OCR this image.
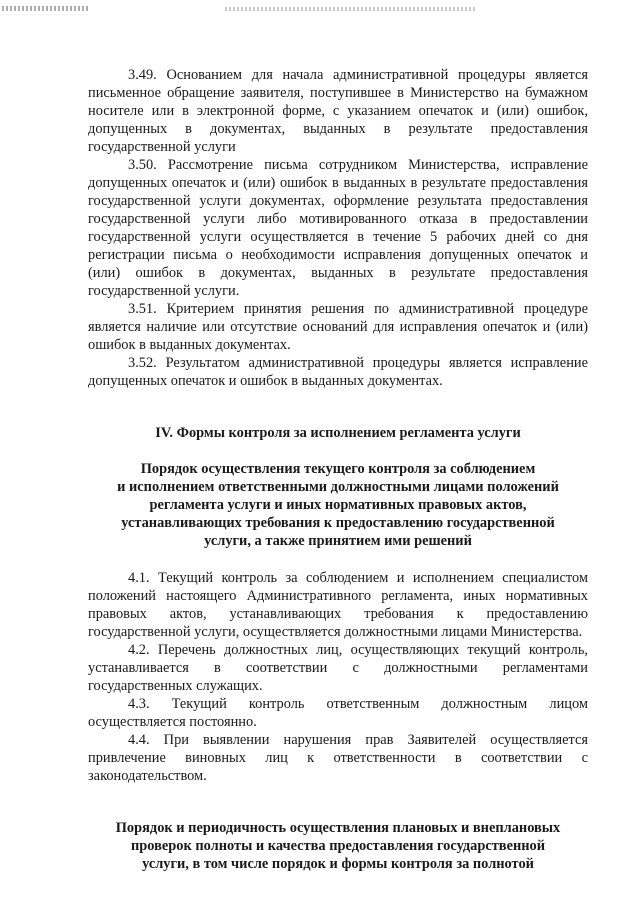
3.49. Основанием для начала административной процедуры является письменное обращение заявителя, поступившее в Министерство на бумажном носителе или в электронной форме, с указанием опечаток и (или) ошибок, допущенных в документах, выданных в результате предоставления государственной услуги

3.50. Рассмотрение письма сотрудником Министерства, исправление допущенных опечаток и (или) ошибок в выданных в результате предоставления государственной услуги документах, оформление результата предоставления государственной услуги либо мотивированного отказа в предоставлении государственной услуги осуществляется в течение 5 рабочих дней со дня регистрации письма о необходимости исправления допущенных опечаток и (или) ошибок в документах, выданных в результате предоставления государственной услуги.

3.51. Критерием принятия решения по административной процедуре является наличие или отсутствие оснований для исправления опечаток и (или) ошибок в выданных документах.

3.52. Результатом административной процедуры является исправление допущенных опечаток и ошибок в выданных документах.

IV. Формы контроля за исполнением регламента услуги
Порядок осуществления текущего контроля за соблюдением
и исполнением ответственными должностными лицами положений
регламента услуги и иных нормативных правовых актов,
устанавливающих требования к предоставлению государственной
услуги, а также принятием ими решений

4.1. Текущий контроль за соблюдением и исполнением специалистом положений настоящего Административного регламента, иных нормативных правовых актов, устанавливающих требования к предоставлению государственной услуги, осуществляется должностными лицами Министерства.

4.2. Перечень должностных лиц, осуществляющих текущий контроль, устанавливается в соответствии с должностными регламентами государственных служащих.

4.3. Текущий контроль ответственным должностным лицом осуществляется постоянно.

4.4. При выявлении нарушения прав Заявителей осуществляется привлечение виновных лиц к ответственности в соответствии с законодательством.

Порядок и периодичность осуществления плановых и внеплановых
проверок полноты и качества предоставления государственной
услуги, в том числе порядок и формы контроля за полнотой
